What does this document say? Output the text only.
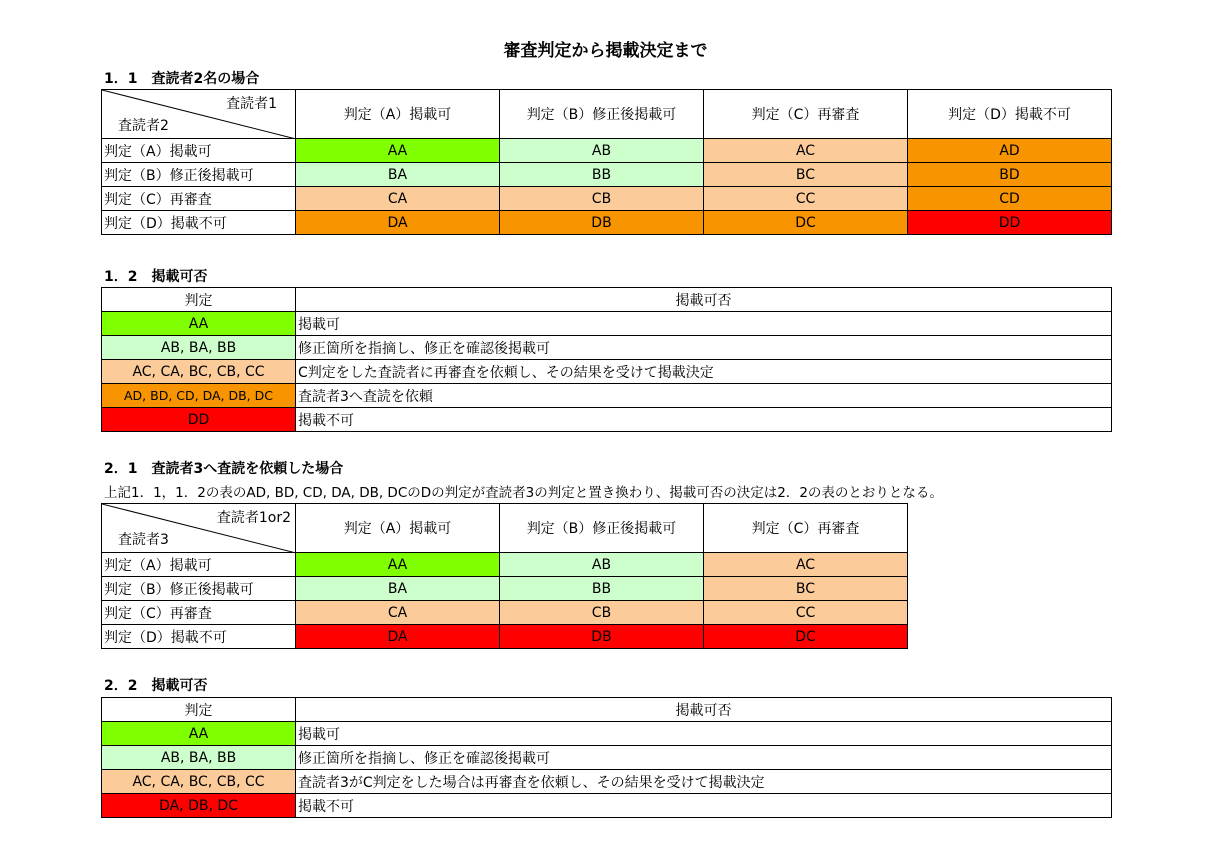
審査判定から掲載決定まで
1．1　査読者2名の場合
査読者1
査読者2	判定（A）掲載可	判定（B）修正後掲載可	判定（C）再審査	判定（D）掲載不可
判定（A）掲載可	AA	AB	AC	AD
判定（B）修正後掲載可	BA	BB	BC	BD
判定（C）再審査	CA	CB	CC	CD
判定（D）掲載不可	DA	DB	DC	DD
1．2　掲載可否
判定	掲載可否
AA	掲載可
AB, BA, BB	修正箇所を指摘し、修正を確認後掲載可
AC, CA, BC, CB, CC	C判定をした査読者に再審査を依頼し、その結果を受けて掲載決定
AD, BD, CD, DA, DB, DC	査読者3へ査読を依頼
DD	掲載不可
2．1　査読者3へ査読を依頼した場合
上記1．1，1．2の表のAD, BD, CD, DA, DB, DCのDの判定が査読者3の判定と置き換わり、掲載可否の決定は2．2の表のとおりとなる。
査読者1or2
査読者3	判定（A）掲載可	判定（B）修正後掲載可	判定（C）再審査
判定（A）掲載可	AA	AB	AC
判定（B）修正後掲載可	BA	BB	BC
判定（C）再審査	CA	CB	CC
判定（D）掲載不可	DA	DB	DC
2．2　掲載可否
判定	掲載可否
AA	掲載可
AB, BA, BB	修正箇所を指摘し、修正を確認後掲載可
AC, CA, BC, CB, CC	査読者3がC判定をした場合は再審査を依頼し、その結果を受けて掲載決定
DA, DB, DC	掲載不可
